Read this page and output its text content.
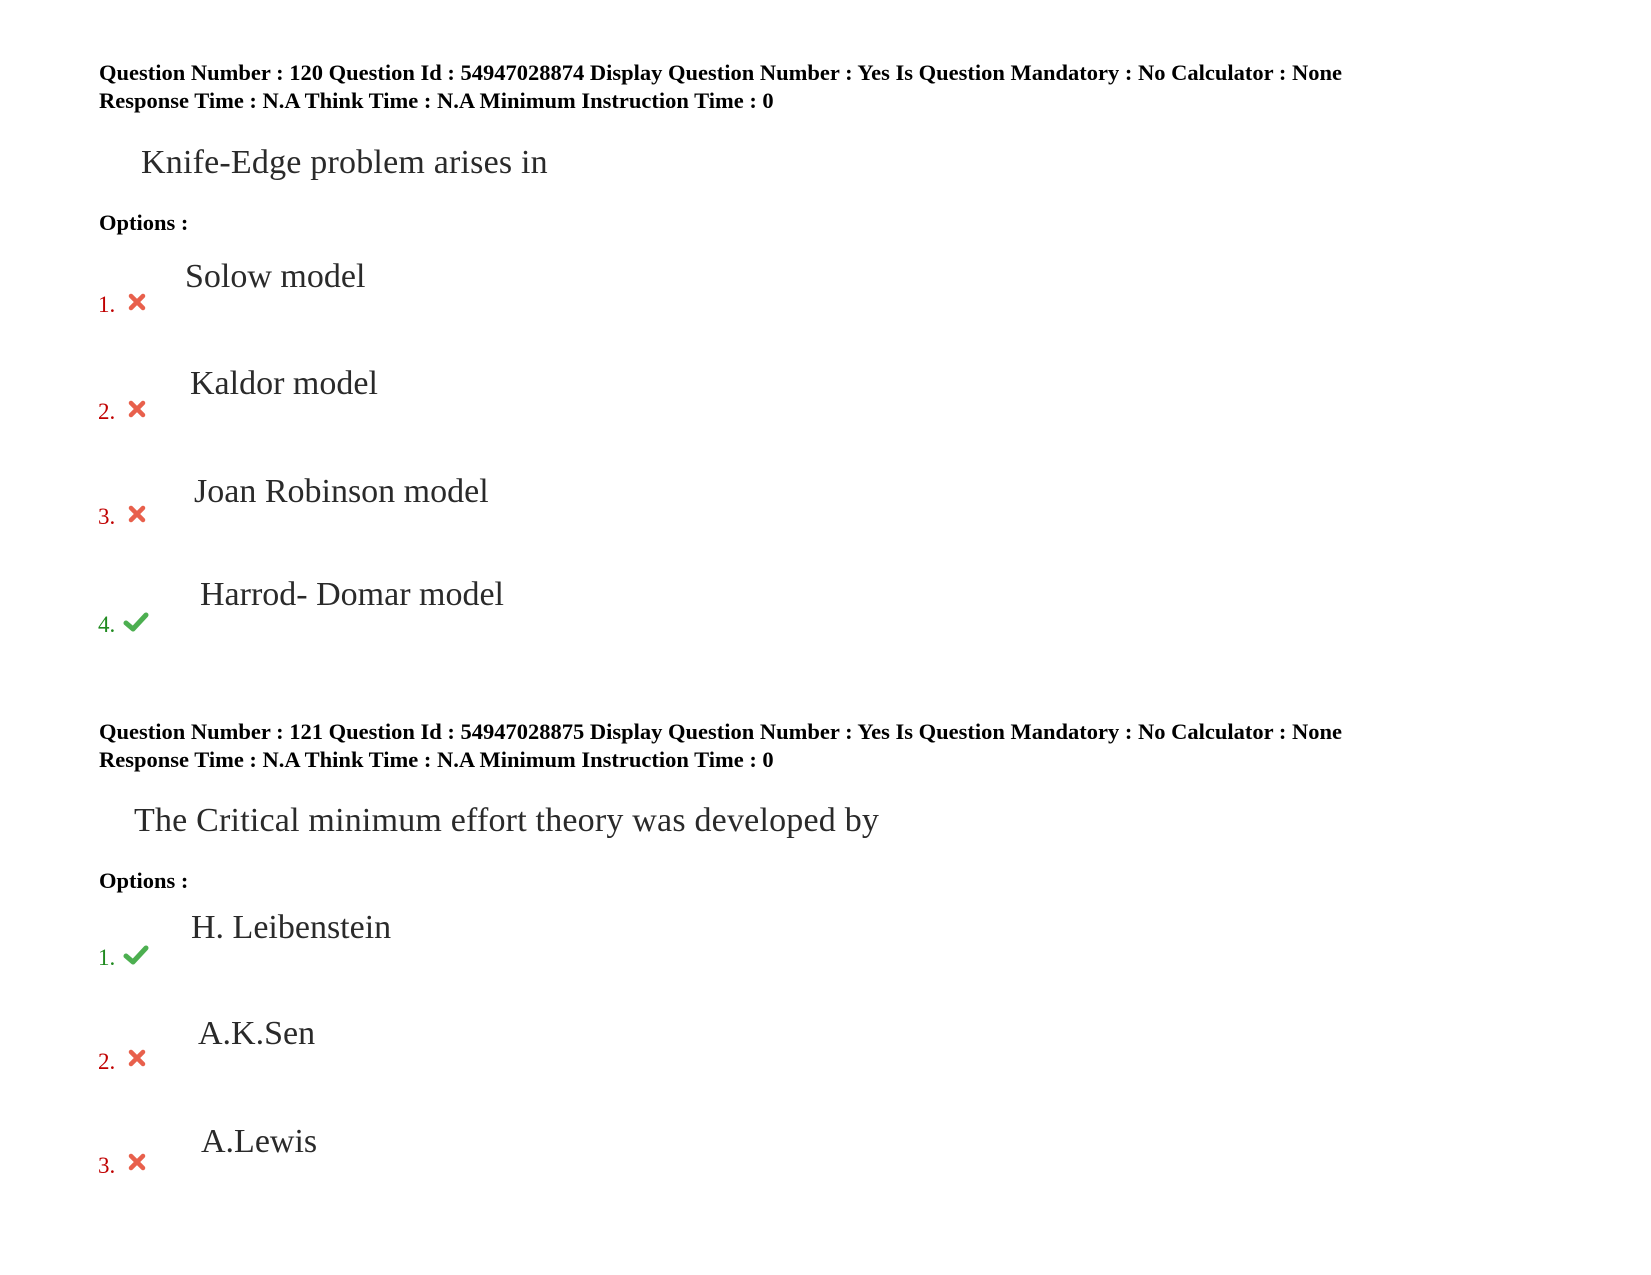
Question Number : 120 Question Id : 54947028874 Display Question Number : Yes Is Question Mandatory : No Calculator : None
Response Time : N.A Think Time : N.A Minimum Instruction Time : 0
Knife-Edge problem arises in
Options :
1.
Solow model
2.
Kaldor model
3.
Joan Robinson model
4.
Harrod- Domar model
Question Number : 121 Question Id : 54947028875 Display Question Number : Yes Is Question Mandatory : No Calculator : None
Response Time : N.A Think Time : N.A Minimum Instruction Time : 0
The Critical minimum effort theory was developed by
Options :
1.
H. Leibenstein
2.
A.K.Sen
3.
A.Lewis
